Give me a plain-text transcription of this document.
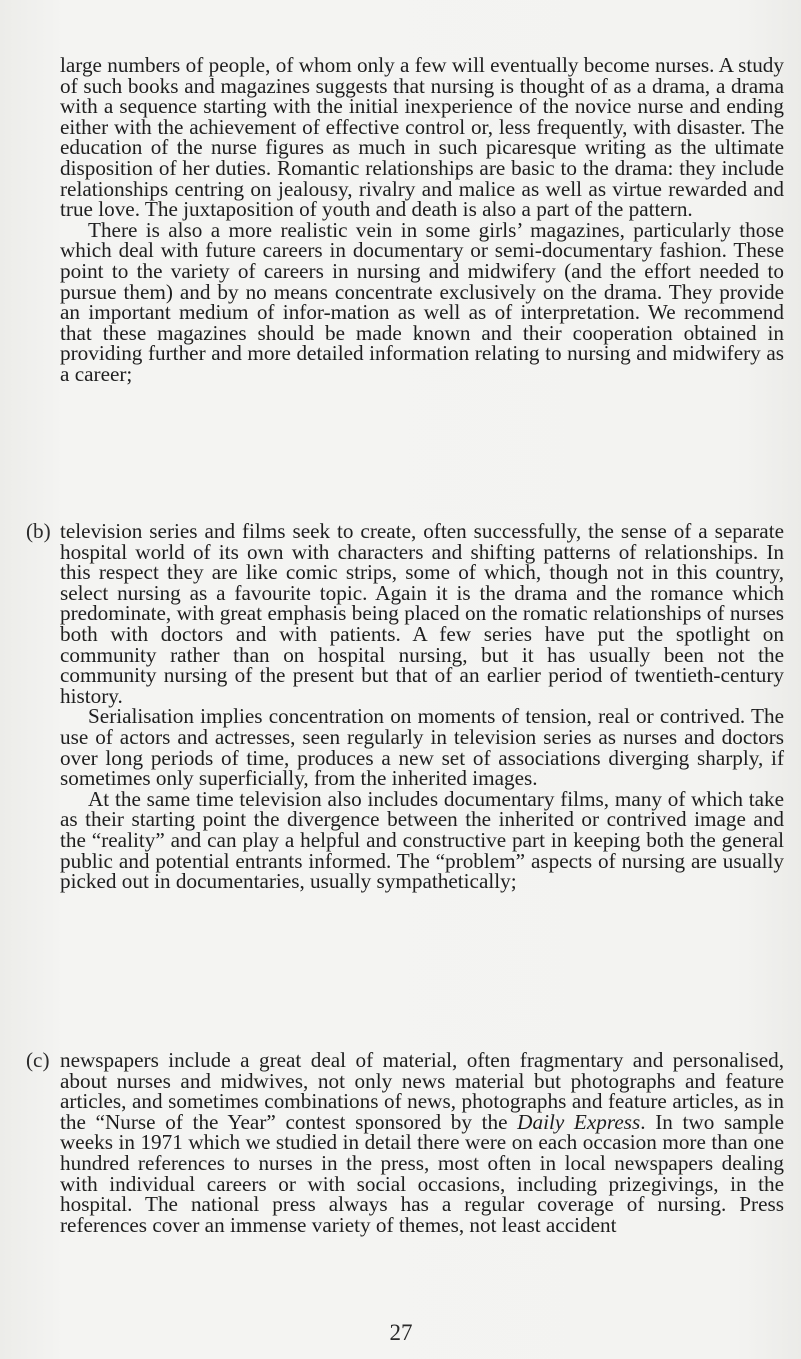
large numbers of people, of whom only a few will eventually become nurses. A study of such books and magazines suggests that nursing is thought of as a drama, a drama with a sequence starting with the initial inexperience of the novice nurse and ending either with the achievement of effective control or, less frequently, with disaster. The education of the nurse figures as much in such picaresque writing as the ultimate disposition of her duties. Romantic relationships are basic to the drama: they include relationships centring on jealousy, rivalry and malice as well as virtue rewarded and true love. The juxtaposition of youth and death is also a part of the pattern.

There is also a more realistic vein in some girls’ magazines, particularly those which deal with future careers in documentary or semi-documentary fashion. These point to the variety of careers in nursing and midwifery (and the effort needed to pursue them) and by no means concentrate exclusively on the drama. They provide an important medium of infor-mation as well as of interpretation. We recommend that these magazines should be made known and their cooperation obtained in providing further and more detailed information relating to nursing and midwifery as a career;

(b) television series and films seek to create, often successfully, the sense of a separate hospital world of its own with characters and shifting patterns of relationships. In this respect they are like comic strips, some of which, though not in this country, select nursing as a favourite topic. Again it is the drama and the romance which predominate, with great emphasis being placed on the romatic relationships of nurses both with doctors and with patients. A few series have put the spotlight on community rather than on hospital nursing, but it has usually been not the community nursing of the present but that of an earlier period of twentieth-century history.

Serialisation implies concentration on moments of tension, real or contrived. The use of actors and actresses, seen regularly in television series as nurses and doctors over long periods of time, produces a new set of associations diverging sharply, if sometimes only superficially, from the inherited images.

At the same time television also includes documentary films, many of which take as their starting point the divergence between the inherited or contrived image and the “reality” and can play a helpful and constructive part in keeping both the general public and potential entrants informed. The “problem” aspects of nursing are usually picked out in documentaries, usually sympathetically;

(c) newspapers include a great deal of material, often fragmentary and personalised, about nurses and midwives, not only news material but photographs and feature articles, and sometimes combinations of news, photographs and feature articles, as in the “Nurse of the Year” contest sponsored by the Daily Express. In two sample weeks in 1971 which we studied in detail there were on each occasion more than one hundred references to nurses in the press, most often in local newspapers dealing with individual careers or with social occasions, including prizegivings, in the hospital. The national press always has a regular coverage of nursing. Press references cover an immense variety of themes, not least accident

27
